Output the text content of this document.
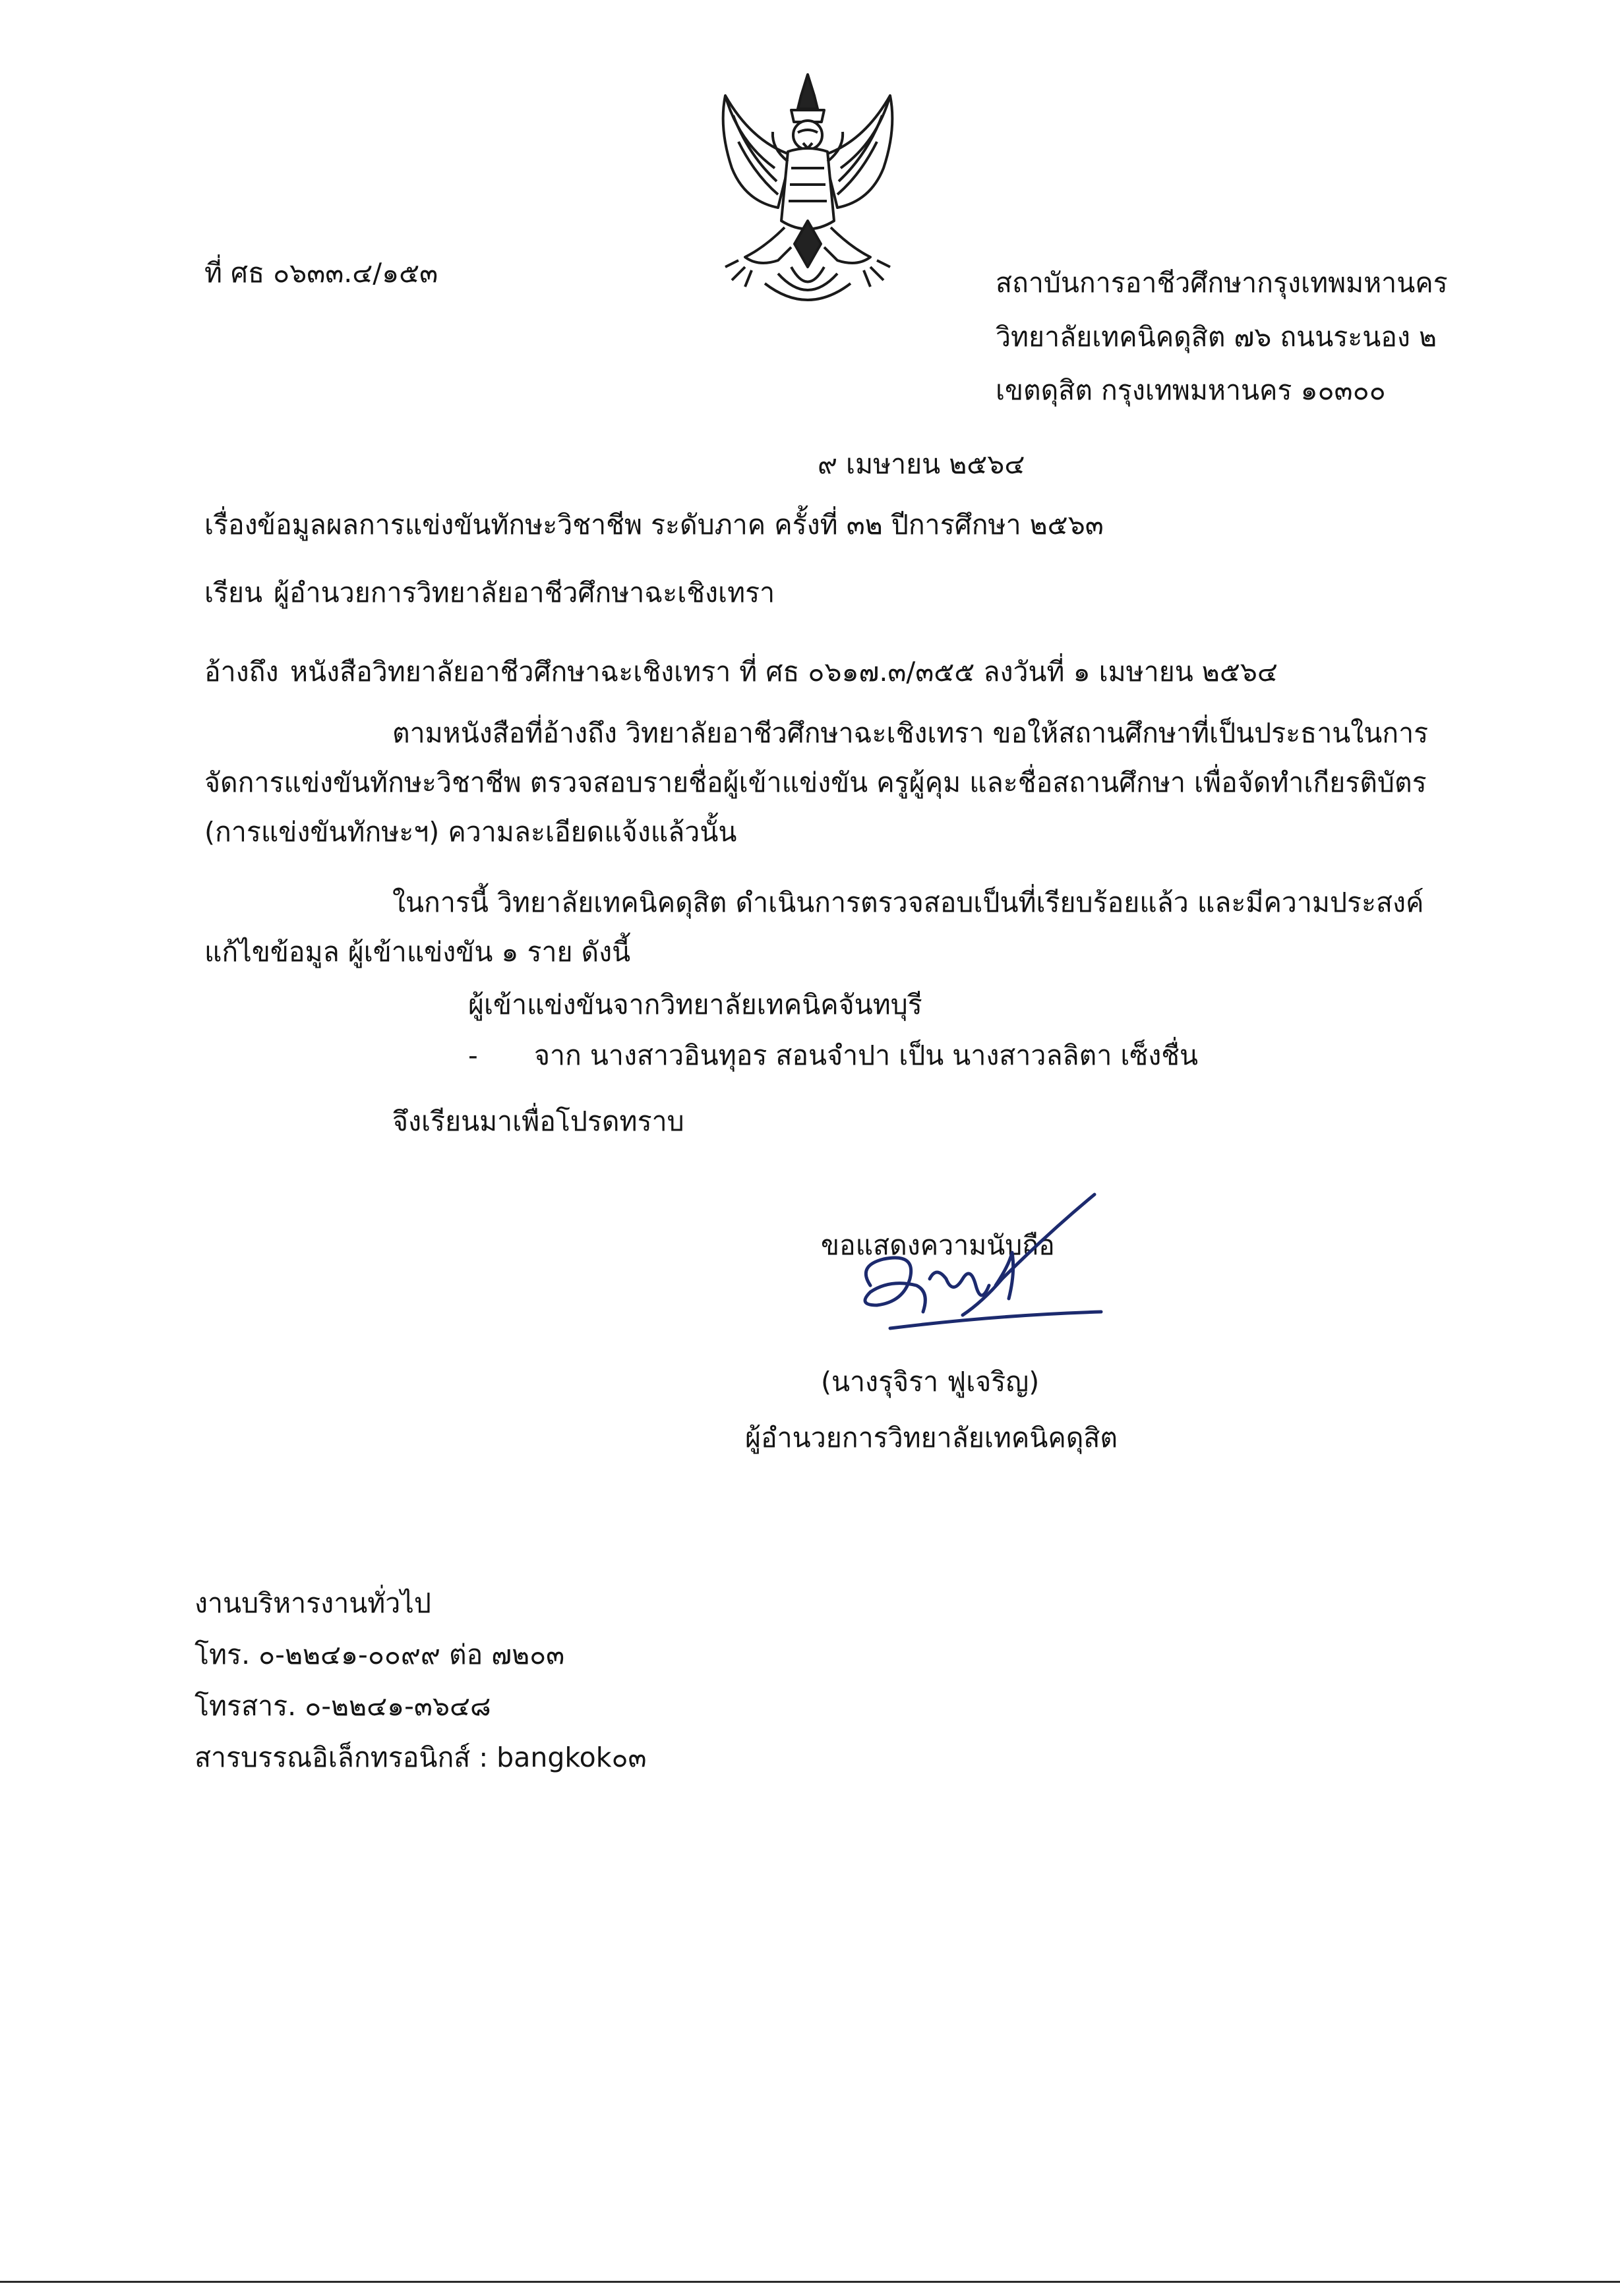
ที่ ศธ ๐๖๓๓.๔/๑๕๓	สถาบันการอาชีวศึกษากรุงเทพมหานคร
วิทยาลัยเทคนิคดุสิต ๗๖ ถนนระนอง ๒
เขตดุสิต กรุงเทพมหานคร ๑๐๓๐๐
๙ เมษายน ๒๕๖๔
เรื่อง ข้อมูลผลการแข่งขันทักษะวิชาชีพ ระดับภาค ครั้งที่ ๓๒ ปีการศึกษา ๒๕๖๓
เรียน ผู้อำนวยการวิทยาลัยอาชีวศึกษาฉะเชิงเทรา
อ้างถึง หนังสือวิทยาลัยอาชีวศึกษาฉะเชิงเทรา ที่ ศธ ๐๖๑๗.๓/๓๕๕ ลงวันที่ ๑ เมษายน ๒๕๖๔
ตามหนังสือที่อ้างถึง วิทยาลัยอาชีวศึกษาฉะเชิงเทรา ขอให้สถานศึกษาที่เป็นประธานในการ
จัดการแข่งขันทักษะวิชาชีพ ตรวจสอบรายชื่อผู้เข้าแข่งขัน ครูผู้คุม และชื่อสถานศึกษา เพื่อจัดทำเกียรติบัตร
(การแข่งขันทักษะฯ) ความละเอียดแจ้งแล้วนั้น
ในการนี้ วิทยาลัยเทคนิคดุสิต ดำเนินการตรวจสอบเป็นที่เรียบร้อยแล้ว และมีความประสงค์
แก้ไขข้อมูล ผู้เข้าแข่งขัน ๑ ราย ดังนี้
ผู้เข้าแข่งขันจากวิทยาลัยเทคนิคจันทบุรี
- จาก นางสาวอินทุอร สอนจำปา เป็น นางสาวลลิตา เซ็งชื่น
จึงเรียนมาเพื่อโปรดทราบ
ขอแสดงความนับถือ
(นางรุจิรา ฟูเจริญ)
ผู้อำนวยการวิทยาลัยเทคนิคดุสิต
งานบริหารงานทั่วไป
โทร. ๐-๒๒๔๑-๐๐๙๙ ต่อ ๗๒๐๓
โทรสาร. ๐-๒๒๔๑-๓๖๔๘
สารบรรณอิเล็กทรอนิกส์ : bangkok๐๓
